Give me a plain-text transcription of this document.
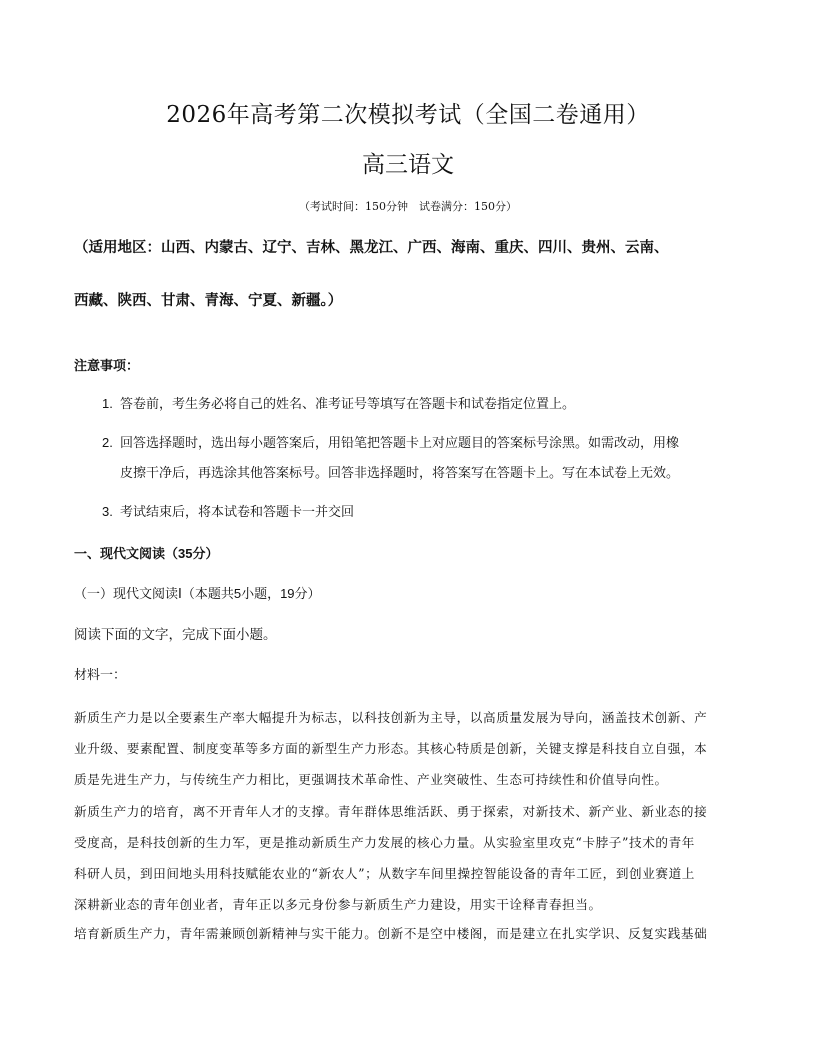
2026年高考第二次模拟考试（全国二卷通用）
高三语文
（考试时间：150分钟　试卷满分：150分）
（适用地区：山西、内蒙古、辽宁、吉林、黑龙江、广西、海南、重庆、四川、贵州、云南、
西藏、陕西、甘肃、青海、宁夏、新疆。）
注意事项：
1. 答卷前，考生务必将自己的姓名、准考证号等填写在答题卡和试卷指定位置上。
2. 回答选择题时，选出每小题答案后，用铅笔把答题卡上对应题目的答案标号涂黑。如需改动，用橡
皮擦干净后，再选涂其他答案标号。回答非选择题时，将答案写在答题卡上。写在本试卷上无效。
3. 考试结束后，将本试卷和答题卡一并交回
一、现代文阅读（35分）
（一）现代文阅读Ⅰ（本题共5小题，19分）
阅读下面的文字，完成下面小题。
材料一：
新质生产力是以全要素生产率大幅提升为标志，以科技创新为主导，以高质量发展为导向，涵盖技术创新、产
业升级、要素配置、制度变革等多方面的新型生产力形态。其核心特质是创新，关键支撑是科技自立自强，本
质是先进生产力，与传统生产力相比，更强调技术革命性、产业突破性、生态可持续性和价值导向性。
新质生产力的培育，离不开青年人才的支撑。青年群体思维活跃、勇于探索，对新技术、新产业、新业态的接
受度高，是科技创新的生力军，更是推动新质生产力发展的核心力量。从实验室里攻克“卡脖子”技术的青年
科研人员，到田间地头用科技赋能农业的“新农人”；从数字车间里操控智能设备的青年工匠，到创业赛道上
深耕新业态的青年创业者，青年正以多元身份参与新质生产力建设，用实干诠释青春担当。
培育新质生产力，青年需兼顾创新精神与实干能力。创新不是空中楼阁，而是建立在扎实学识、反复实践基础
